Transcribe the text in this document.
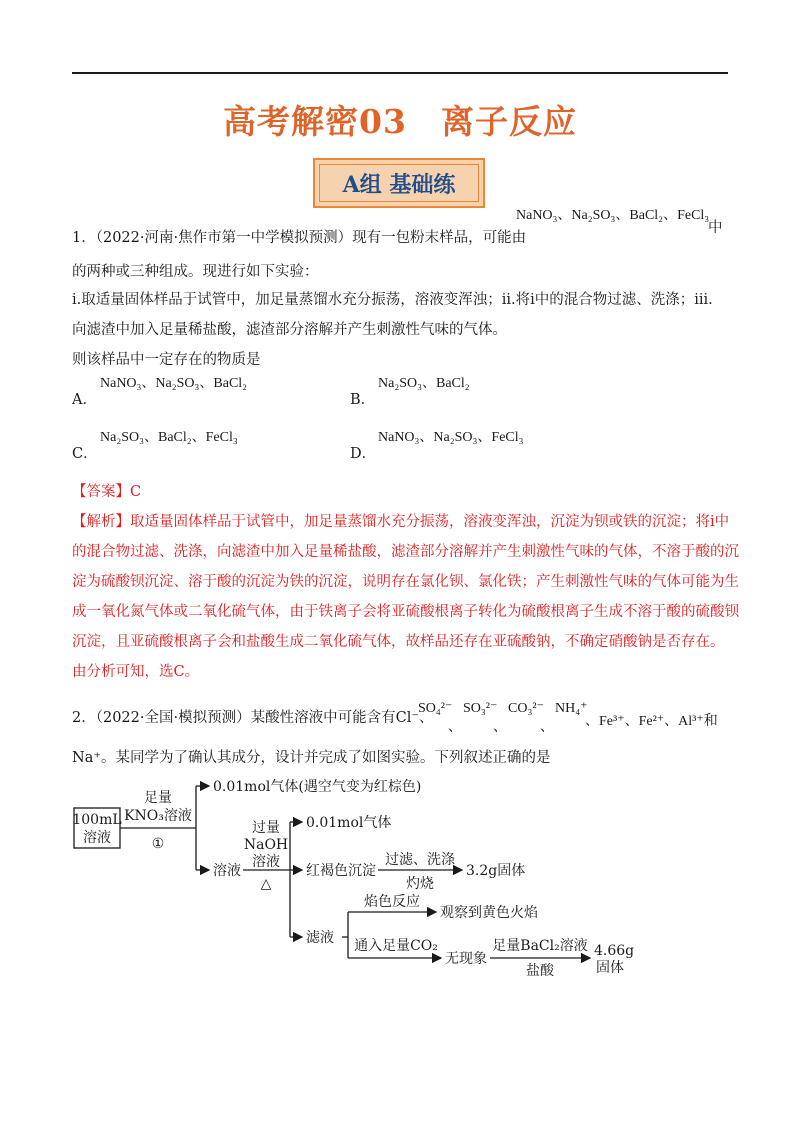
高考解密03　离子反应
A组 基础练
1．（2022·河南·焦作市第一中学模拟预测）现有一包粉末样品，可能由
NaNO₃、Na₂SO₃、BaCl₂、FeCl₃
中
的两种或三种组成。现进行如下实验：
ⅰ.取适量固体样品于试管中，加足量蒸馏水充分振荡，溶液变浑浊；ⅱ.将ⅰ中的混合物过滤、洗涤；ⅲ.
向滤渣中加入足量稀盐酸，滤渣部分溶解并产生刺激性气味的气体。
则该样品中一定存在的物质是
A．
NaNO₃、Na₂SO₃、BaCl₂
B．
Na₂SO₃、BaCl₂
C．
Na₂SO₃、BaCl₂、FeCl₃
D．
NaNO₃、Na₂SO₃、FeCl₃
【答案】C
【解析】取适量固体样品于试管中，加足量蒸馏水充分振荡，溶液变浑浊，沉淀为钡或铁的沉淀；将ⅰ中
的混合物过滤、洗涤，向滤渣中加入足量稀盐酸，滤渣部分溶解并产生刺激性气味的气体，不溶于酸的沉
淀为硫酸钡沉淀、溶于酸的沉淀为铁的沉淀，说明存在氯化钡、氯化铁；产生刺激性气味的气体可能为生
成一氧化氮气体或二氧化硫气体，由于铁离子会将亚硫酸根离子转化为硫酸根离子生成不溶于酸的硫酸钡
沉淀，且亚硫酸根离子会和盐酸生成二氧化硫气体，故样品还存在亚硫酸钠，不确定硝酸钠是否存在。
由分析可知，选C。
2．（2022·全国·模拟预测）某酸性溶液中可能含有Cl⁻、
SO₄²⁻
、
SO₃²⁻
、
CO₃²⁻
、
NH₄⁺
、Fe³⁺、Fe²⁺、Al³⁺和
Na⁺。某同学为了确认其成分，设计并完成了如图实验。下列叙述正确的是
100mL
溶液
足量
KNO₃溶液
①
0.01mol气体(遇空气变为红棕色)
溶液
过量
NaOH
溶液
△
0.01mol气体
红褐色沉淀
过滤、洗涤
灼烧
3.2g固体
滤液
焰色反应
观察到黄色火焰
通入足量CO₂
无现象
足量BaCl₂溶液
盐酸
4.66g
固体
